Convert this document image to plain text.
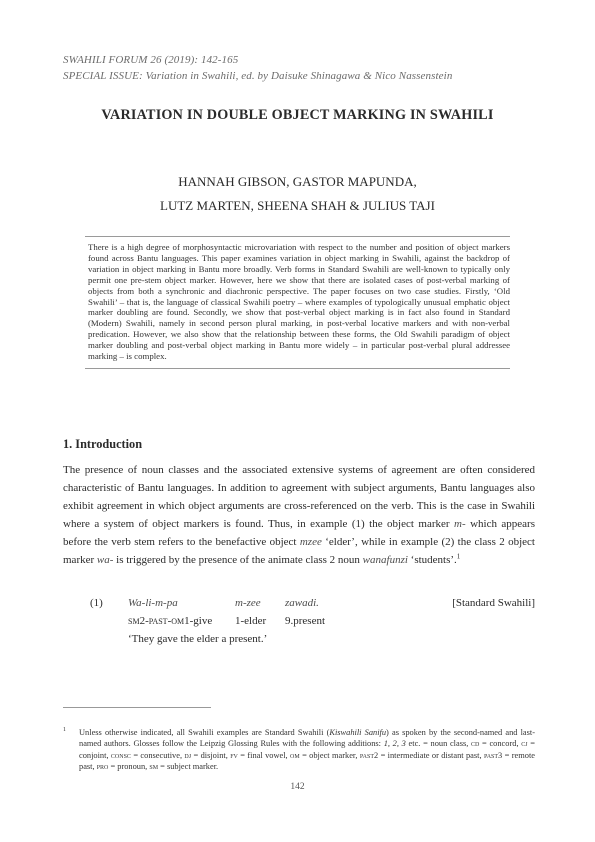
SWAHILI FORUM 26 (2019): 142-165
SPECIAL ISSUE: Variation in Swahili, ed. by Daisuke Shinagawa & Nico Nassenstein
VARIATION IN DOUBLE OBJECT MARKING IN SWAHILI
HANNAH GIBSON, GASTOR MAPUNDA,
LUTZ MARTEN, SHEENA SHAH & JULIUS TAJI
There is a high degree of morphosyntactic microvariation with respect to the number and position of object markers found across Bantu languages. This paper examines variation in object marking in Swahili, against the backdrop of variation in object marking in Bantu more broadly. Verb forms in Standard Swahili are well-known to typically only permit one pre-stem object marker. However, here we show that there are isolated cases of post-verbal marking of objects from both a synchronic and diachronic perspective. The paper focuses on two case studies. Firstly, ‘Old Swahili’ – that is, the language of classical Swahili poetry – where examples of typologically unusual emphatic object marker doubling are found. Secondly, we show that post-verbal object marking is in fact also found in Standard (Modern) Swahili, namely in second person plural marking, in post-verbal locative markers and with non-verbal predication. However, we also show that the relationship between these forms, the Old Swahili paradigm of object marker doubling and post-verbal object marking in Bantu more widely – in particular post-verbal plural addressee marking – is complex.
1. Introduction
The presence of noun classes and the associated extensive systems of agreement are often considered characteristic of Bantu languages. In addition to agreement with subject arguments, Bantu languages also exhibit agreement in which object arguments are cross-referenced on the verb. This is the case in Swahili where a system of object markers is found. Thus, in example (1) the object marker m- which appears before the verb stem refers to the benefactive object mzee ‘elder’, while in example (2) the class 2 object marker wa- is triggered by the presence of the animate class 2 noun wanafunzi ‘students’.$^1$
(1)	[Standard Swahili]
Wa-li-m-pa	m-zee zawadi.
sm2-past-om1-give 1-elder 9.present
‘They gave the elder a present.’
1	Unless otherwise indicated, all Swahili examples are Standard Swahili (Kiswahili Sanifu) as spoken by the second-named and last-named authors. Glosses follow the Leipzig Glossing Rules with the following additions: 1, 2, 3 etc. = noun class, cd = concord, cj = conjoint, consc = consecutive, dj = disjoint, fv = final vowel, om = object marker, past2 = intermediate or distant past, past3 = remote past, pro = pronoun, sm = subject marker.
142
